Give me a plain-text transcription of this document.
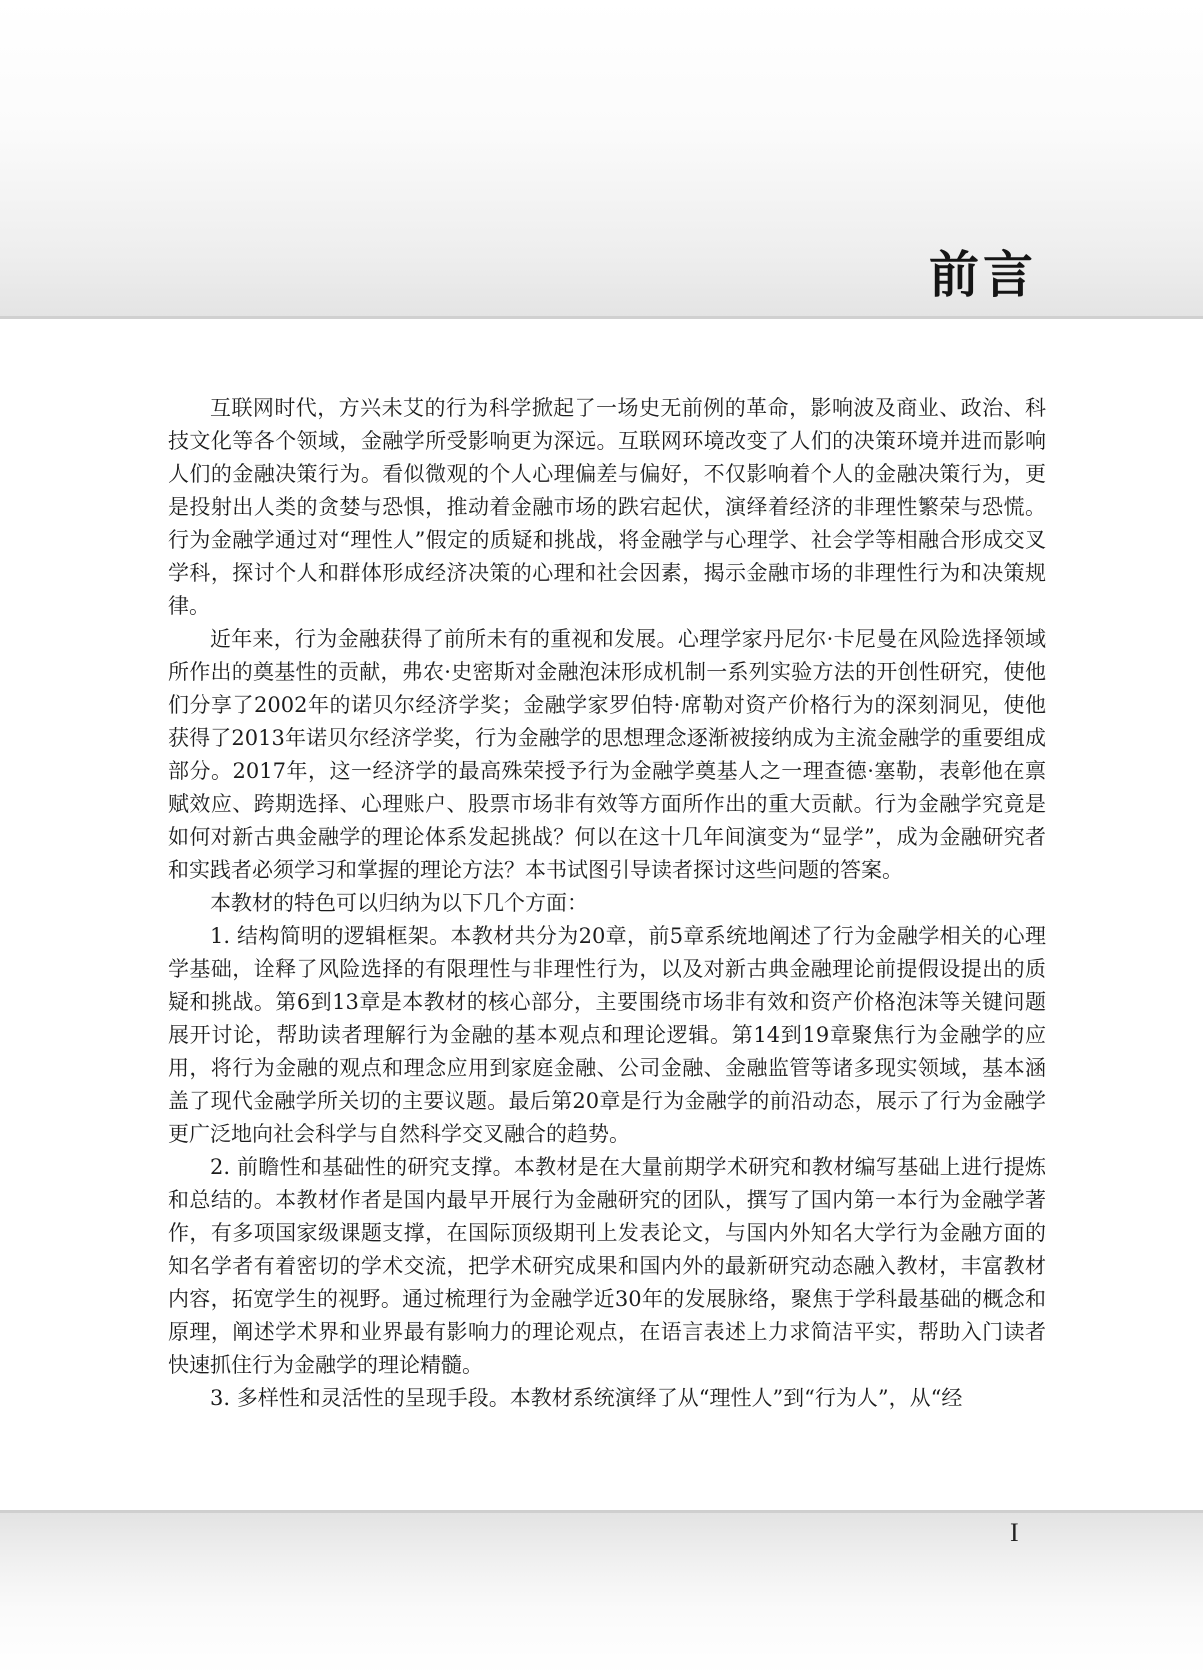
前言

互联网时代，方兴未艾的行为科学掀起了一场史无前例的革命，影响波及商业、政治、科技文化等各个领域，金融学所受影响更为深远。互联网环境改变了人们的决策环境并进而影响人们的金融决策行为。看似微观的个人心理偏差与偏好，不仅影响着个人的金融决策行为，更是投射出人类的贪婪与恐惧，推动着金融市场的跌宕起伏，演绎着经济的非理性繁荣与恐慌。行为金融学通过对“理性人”假定的质疑和挑战，将金融学与心理学、社会学等相融合形成交叉学科，探讨个人和群体形成经济决策的心理和社会因素，揭示金融市场的非理性行为和决策规律。

近年来，行为金融获得了前所未有的重视和发展。心理学家丹尼尔·卡尼曼在风险选择领域所作出的奠基性的贡献，弗农·史密斯对金融泡沫形成机制一系列实验方法的开创性研究，使他们分享了2002年的诺贝尔经济学奖；金融学家罗伯特·席勒对资产价格行为的深刻洞见，使他获得了2013年诺贝尔经济学奖，行为金融学的思想理念逐渐被接纳成为主流金融学的重要组成部分。2017年，这一经济学的最高殊荣授予行为金融学奠基人之一理查德·塞勒，表彰他在禀赋效应、跨期选择、心理账户、股票市场非有效等方面所作出的重大贡献。行为金融学究竟是如何对新古典金融学的理论体系发起挑战？何以在这十几年间演变为“显学”，成为金融研究者和实践者必须学习和掌握的理论方法？本书试图引导读者探讨这些问题的答案。

本教材的特色可以归纳为以下几个方面：

1. 结构简明的逻辑框架。本教材共分为20章，前5章系统地阐述了行为金融学相关的心理学基础，诠释了风险选择的有限理性与非理性行为，以及对新古典金融理论前提假设提出的质疑和挑战。第6到13章是本教材的核心部分，主要围绕市场非有效和资产价格泡沫等关键问题展开讨论，帮助读者理解行为金融的基本观点和理论逻辑。第14到19章聚焦行为金融学的应用，将行为金融的观点和理念应用到家庭金融、公司金融、金融监管等诸多现实领域，基本涵盖了现代金融学所关切的主要议题。最后第20章是行为金融学的前沿动态，展示了行为金融学更广泛地向社会科学与自然科学交叉融合的趋势。

2. 前瞻性和基础性的研究支撑。本教材是在大量前期学术研究和教材编写基础上进行提炼和总结的。本教材作者是国内最早开展行为金融研究的团队，撰写了国内第一本行为金融学著作，有多项国家级课题支撑，在国际顶级期刊上发表论文，与国内外知名大学行为金融方面的知名学者有着密切的学术交流，把学术研究成果和国内外的最新研究动态融入教材，丰富教材内容，拓宽学生的视野。通过梳理行为金融学近30年的发展脉络，聚焦于学科最基础的概念和原理，阐述学术界和业界最有影响力的理论观点，在语言表述上力求简洁平实，帮助入门读者快速抓住行为金融学的理论精髓。

3. 多样性和灵活性的呈现手段。本教材系统演绎了从“理性人”到“行为人”，从“经

I
